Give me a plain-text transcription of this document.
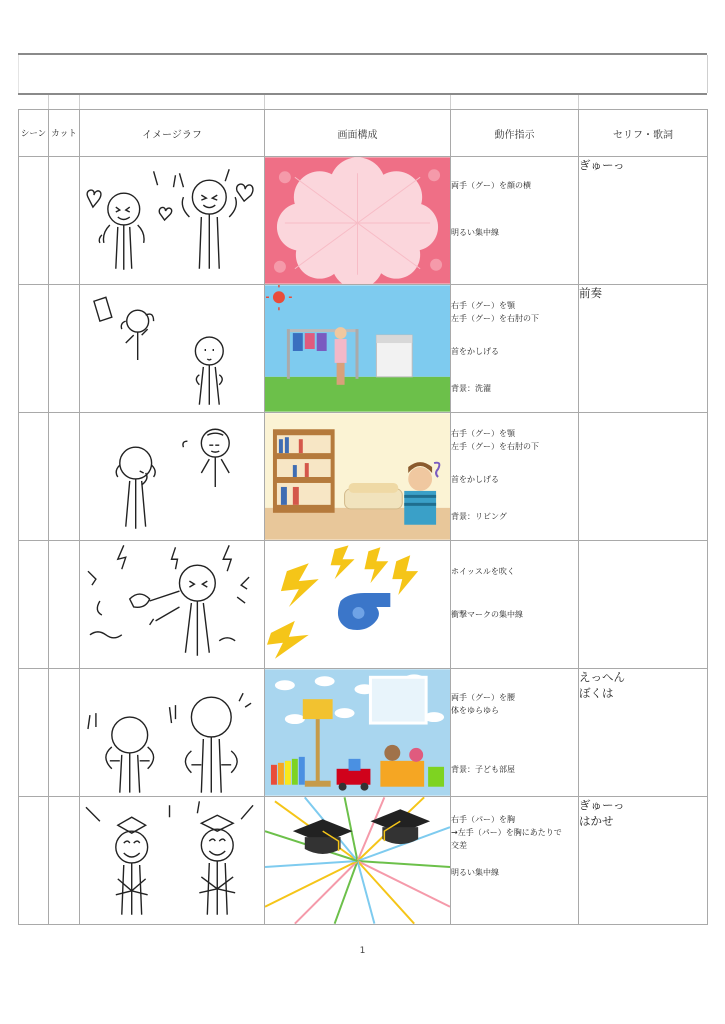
シーン	カット	イメージラフ	画面構成	動作指示	セリフ・歌詞

両手（グー）を顔の横
明るい集中線	ぎゅーっ

右手（グー）を顎
左手（グー）を右肘の下
首をかしげる
背景：洗濯	前奏

右手（グー）を顎
左手（グー）を右肘の下
首をかしげる
背景：リビング	

ホイッスルを吹く
衝撃マークの集中線	

両手（グー）を腰
体をゆらゆら
背景：子ども部屋	えっへん
ぼくは

右手（パー）を胸
→左手（パー）を胸にあたりで
交差
明るい集中線	ぎゅーっ
はかせ
1
